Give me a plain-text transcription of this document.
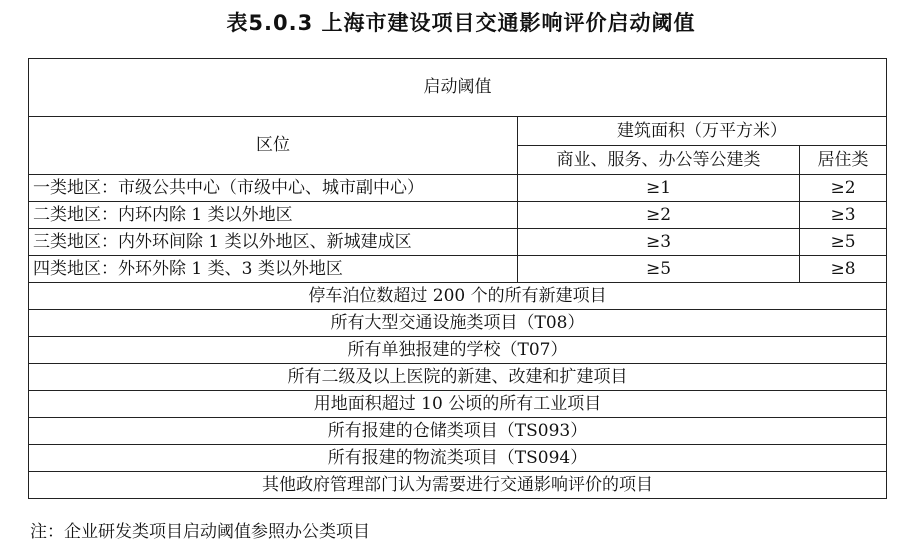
表5.0.3 上海市建设项目交通影响评价启动阈值
启动阈值		
区位	建筑面积（万平方米）	
	商业、服务、办公等公建类	居住类
一类地区：市级公共中心（市级中心、城市副中心）	≥1	≥2
二类地区：内环内除 1 类以外地区	≥2	≥3
三类地区：内外环间除 1 类以外地区、新城建成区	≥3	≥5
四类地区：外环外除 1 类、3 类以外地区	≥5	≥8
停车泊位数超过 200 个的所有新建项目		
所有大型交通设施类项目（T08）		
所有单独报建的学校（T07）		
所有二级及以上医院的新建、改建和扩建项目		
用地面积超过 10 公顷的所有工业项目		
所有报建的仓储类项目（TS093）		
所有报建的物流类项目（TS094）		
其他政府管理部门认为需要进行交通影响评价的项目		
注：企业研发类项目启动阈值参照办公类项目
